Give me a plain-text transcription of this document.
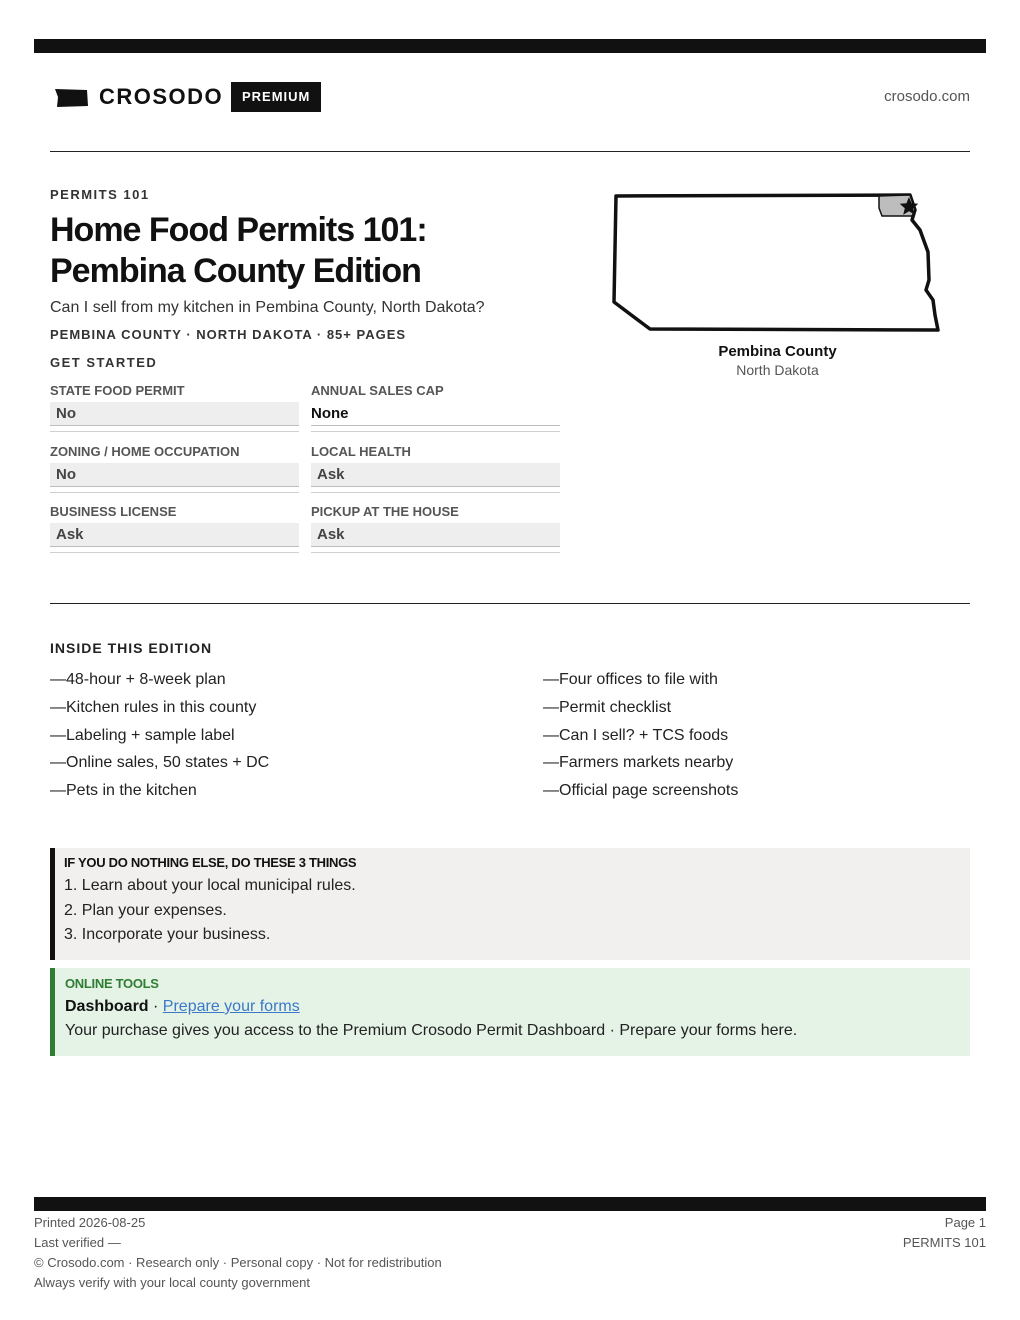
CROSODO	PREMIUM	crosodo.com
PERMITS 101
Home Food Permits 101:
Pembina County Edition
Can I sell from my kitchen in Pembina County, North Dakota?
PEMBINA COUNTY · NORTH DAKOTA · 85+ PAGES
GET STARTED
STATE FOOD PERMIT
No
ANNUAL SALES CAP
None
ZONING / HOME OCCUPATION
No
LOCAL HEALTH
Ask
BUSINESS LICENSE
Ask
PICKUP AT THE HOUSE
Ask
Pembina County
North Dakota
INSIDE THIS EDITION
—48-hour + 8-week plan
—Kitchen rules in this county
—Labeling + sample label
—Online sales, 50 states + DC
—Pets in the kitchen
—Four offices to file with
—Permit checklist
—Can I sell? + TCS foods
—Farmers markets nearby
—Official page screenshots
IF YOU DO NOTHING ELSE, DO THESE 3 THINGS
1. Learn about your local municipal rules.
2. Plan your expenses.
3. Incorporate your business.
ONLINE TOOLS
Dashboard · Prepare your forms
Your purchase gives you access to the Premium Crosodo Permit Dashboard · Prepare your forms here.
Printed 2026-08-25
Last verified —
© Crosodo.com · Research only · Personal copy · Not for redistribution
Always verify with your local county government
Page 1
PERMITS 101
